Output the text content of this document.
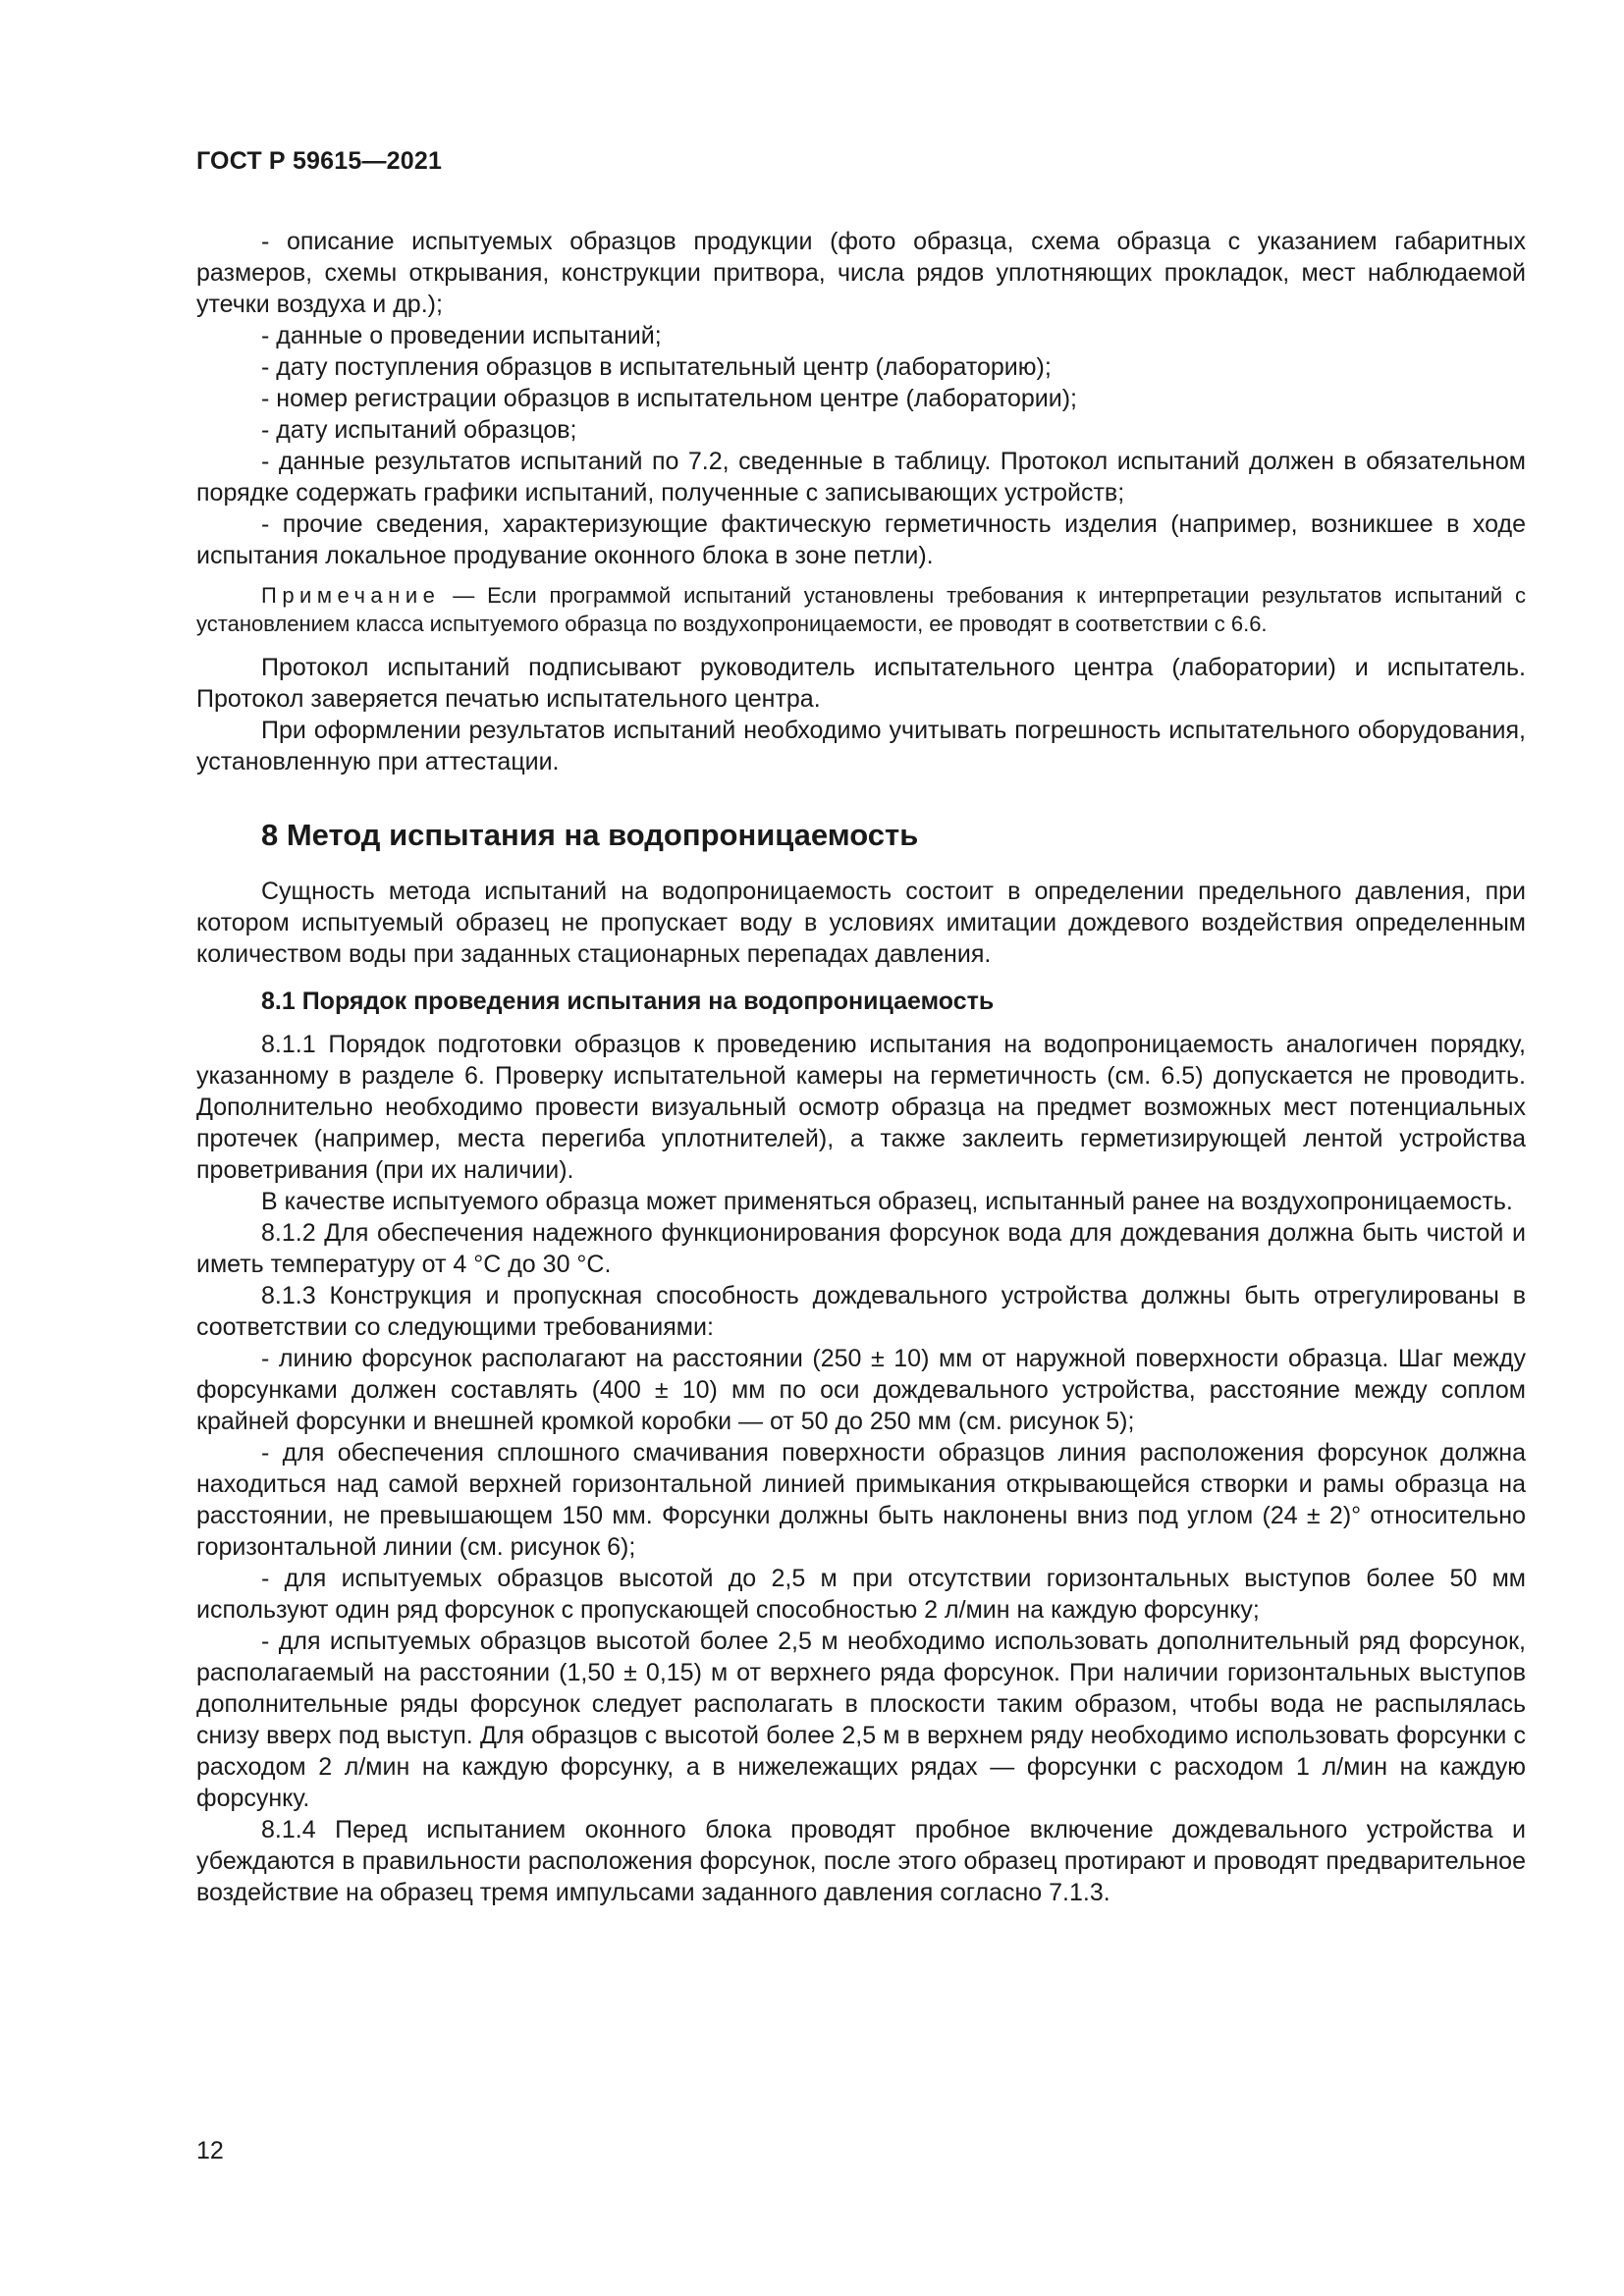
ГОСТ Р 59615—2021

- описание испытуемых образцов продукции (фото образца, схема образца с указанием габаритных размеров, схемы открывания, конструкции притвора, числа рядов уплотняющих прокладок, мест наблюдаемой утечки воздуха и др.);

- данные о проведении испытаний;

- дату поступления образцов в испытательный центр (лабораторию);

- номер регистрации образцов в испытательном центре (лаборатории);

- дату испытаний образцов;

- данные результатов испытаний по 7.2, сведенные в таблицу. Протокол испытаний должен в обязательном порядке содержать графики испытаний, полученные с записывающих устройств;

- прочие сведения, характеризующие фактическую герметичность изделия (например, возникшее в ходе испытания локальное продувание оконного блока в зоне петли).

Примечание — Если программой испытаний установлены требования к интерпретации результатов испытаний с установлением класса испытуемого образца по воздухопроницаемости, ее проводят в соответствии с 6.6.

Протокол испытаний подписывают руководитель испытательного центра (лаборатории) и испытатель. Протокол заверяется печатью испытательного центра.

При оформлении результатов испытаний необходимо учитывать погрешность испытательного оборудования, установленную при аттестации.

8 Метод испытания на водопроницаемость

Сущность метода испытаний на водопроницаемость состоит в определении предельного давления, при котором испытуемый образец не пропускает воду в условиях имитации дождевого воздействия определенным количеством воды при заданных стационарных перепадах давления.

8.1 Порядок проведения испытания на водопроницаемость

8.1.1 Порядок подготовки образцов к проведению испытания на водопроницаемость аналогичен порядку, указанному в разделе 6. Проверку испытательной камеры на герметичность (см. 6.5) допускается не проводить. Дополнительно необходимо провести визуальный осмотр образца на предмет возможных мест потенциальных протечек (например, места перегиба уплотнителей), а также заклеить герметизирующей лентой устройства проветривания (при их наличии).

В качестве испытуемого образца может применяться образец, испытанный ранее на воздухопроницаемость.

8.1.2 Для обеспечения надежного функционирования форсунок вода для дождевания должна быть чистой и иметь температуру от 4 °С до 30 °С.

8.1.3 Конструкция и пропускная способность дождевального устройства должны быть отрегулированы в соответствии со следующими требованиями:

- линию форсунок располагают на расстоянии (250 ± 10) мм от наружной поверхности образца. Шаг между форсунками должен составлять (400 ± 10) мм по оси дождевального устройства, расстояние между соплом крайней форсунки и внешней кромкой коробки — от 50 до 250 мм (см. рисунок 5);

- для обеспечения сплошного смачивания поверхности образцов линия расположения форсунок должна находиться над самой верхней горизонтальной линией примыкания открывающейся створки и рамы образца на расстоянии, не превышающем 150 мм. Форсунки должны быть наклонены вниз под углом (24 ± 2)° относительно горизонтальной линии (см. рисунок 6);

- для испытуемых образцов высотой до 2,5 м при отсутствии горизонтальных выступов более 50 мм используют один ряд форсунок с пропускающей способностью 2 л/мин на каждую форсунку;

- для испытуемых образцов высотой более 2,5 м необходимо использовать дополнительный ряд форсунок, располагаемый на расстоянии (1,50 ± 0,15) м от верхнего ряда форсунок. При наличии горизонтальных выступов дополнительные ряды форсунок следует располагать в плоскости таким образом, чтобы вода не распылялась снизу вверх под выступ. Для образцов с высотой более 2,5 м в верхнем ряду необходимо использовать форсунки с расходом 2 л/мин на каждую форсунку, а в нижележащих рядах — форсунки с расходом 1 л/мин на каждую форсунку.

8.1.4 Перед испытанием оконного блока проводят пробное включение дождевального устройства и убеждаются в правильности расположения форсунок, после этого образец протирают и проводят предварительное воздействие на образец тремя импульсами заданного давления согласно 7.1.3.

12
